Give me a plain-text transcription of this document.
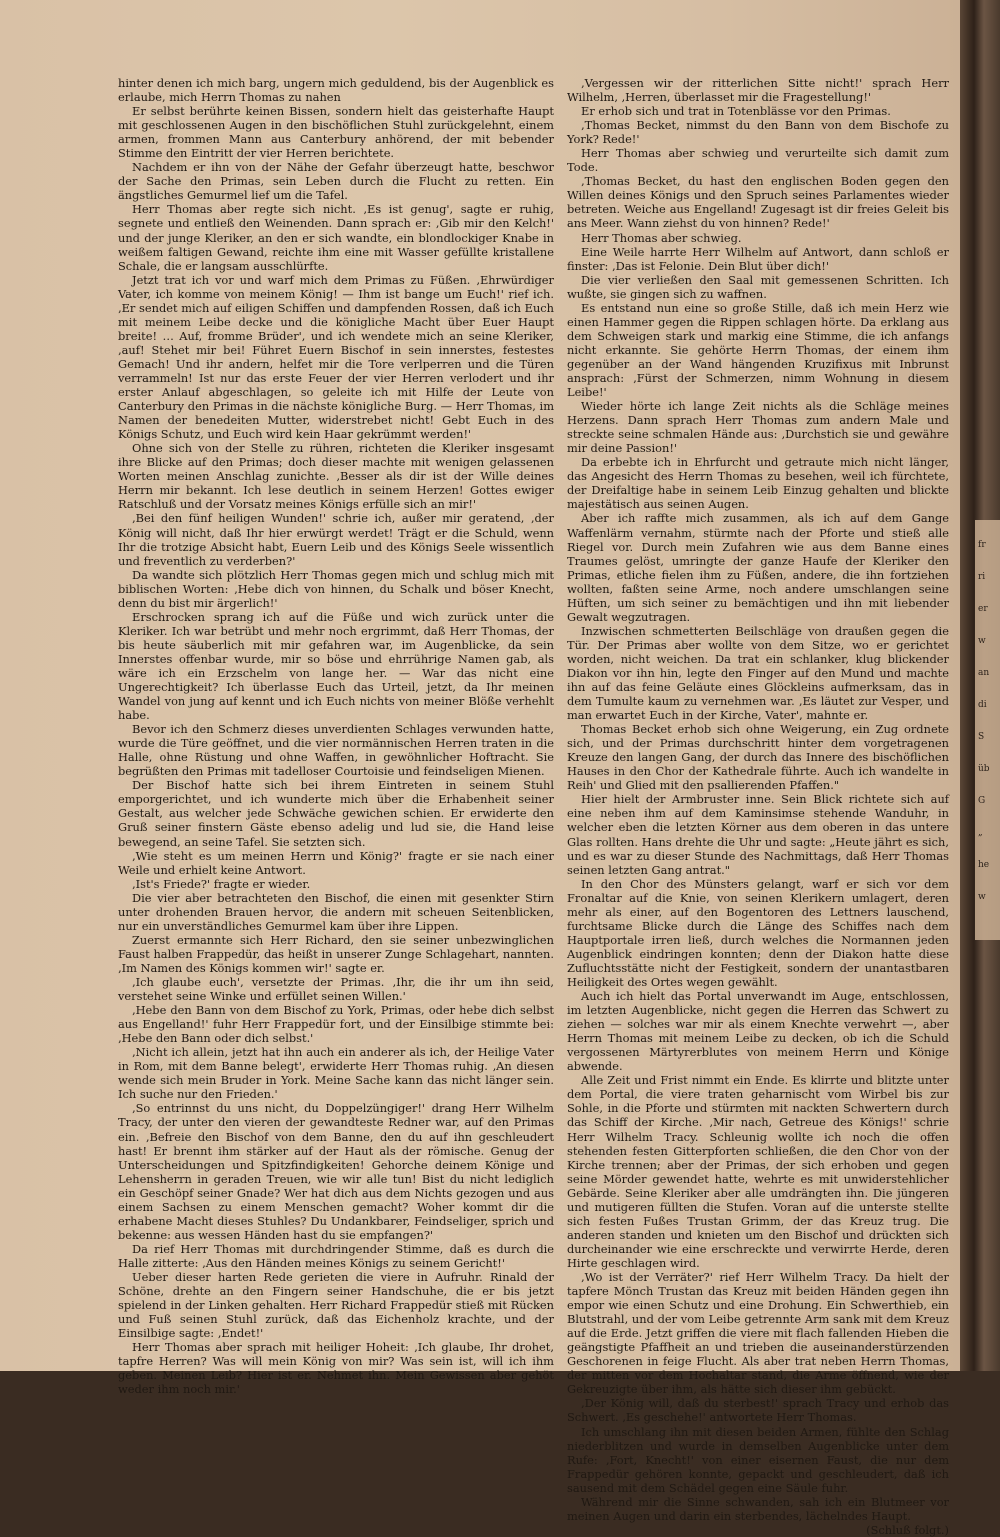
hinter denen ich mich barg, ungern mich geduldend, bis der Augenblick es erlaube, mich Herrn Thomas zu nahen

Er selbst berührte keinen Bissen, sondern hielt das geisterhafte Haupt mit geschlossenen Augen in den bischöflichen Stuhl zurückgelehnt, einem armen, frommen Mann aus Canterbury anhörend, der mit bebender Stimme den Eintritt der vier Herren berichtete.

Nachdem er ihn von der Nähe der Gefahr überzeugt hatte, beschwor der Sache den Primas, sein Leben durch die Flucht zu retten. Ein ängstliches Gemurmel lief um die Tafel.

Herr Thomas aber regte sich nicht. ‚Es ist genug', sagte er ruhig, segnete und entließ den Weinenden. Dann sprach er: ‚Gib mir den Kelch!' und der junge Kleriker, an den er sich wandte, ein blondlockiger Knabe in weißem faltigen Gewand, reichte ihm eine mit Wasser gefüllte kristallene Schale, die er langsam ausschlürfte.

Jetzt trat ich vor und warf mich dem Primas zu Füßen. ‚Ehrwürdiger Vater, ich komme von meinem König! — Ihm ist bange um Euch!' rief ich. ‚Er sendet mich auf eiligen Schiffen und dampfenden Rossen, daß ich Euch mit meinem Leibe decke und die königliche Macht über Euer Haupt breite! … Auf, fromme Brüder', und ich wendete mich an seine Kleriker, ‚auf! Stehet mir bei! Führet Euern Bischof in sein innerstes, festestes Gemach! Und ihr andern, helfet mir die Tore verlperren und die Türen verrammeln! Ist nur das erste Feuer der vier Herren verlodert und ihr erster Anlauf abgeschlagen, so geleite ich mit Hilfe der Leute von Canterbury den Primas in die nächste königliche Burg. — Herr Thomas, im Namen der benedeiten Mutter, widerstrebet nicht! Gebt Euch in des Königs Schutz, und Euch wird kein Haar gekrümmt werden!'

Ohne sich von der Stelle zu rühren, richteten die Kleriker insgesamt ihre Blicke auf den Primas; doch dieser machte mit wenigen gelassenen Worten meinen Anschlag zunichte. ‚Besser als dir ist der Wille deines Herrn mir bekannt. Ich lese deutlich in seinem Herzen! Gottes ewiger Ratschluß und der Vorsatz meines Königs erfülle sich an mir!'

‚Bei den fünf heiligen Wunden!' schrie ich, außer mir geratend, ‚der König will nicht, daß Ihr hier erwürgt werdet! Trägt er die Schuld, wenn Ihr die trotzige Absicht habt, Euern Leib und des Königs Seele wissentlich und freventlich zu verderben?'

Da wandte sich plötzlich Herr Thomas gegen mich und schlug mich mit biblischen Worten: ‚Hebe dich von hinnen, du Schalk und böser Knecht, denn du bist mir ärgerlich!'

Erschrocken sprang ich auf die Füße und wich zurück unter die Kleriker. Ich war betrübt und mehr noch ergrimmt, daß Herr Thomas, der bis heute säuberlich mit mir gefahren war, im Augenblicke, da sein Innerstes offenbar wurde, mir so böse und ehrrührige Namen gab, als wäre ich ein Erzschelm von lange her. — War das nicht eine Ungerechtigkeit? Ich überlasse Euch das Urteil, jetzt, da Ihr meinen Wandel von jung auf kennt und ich Euch nichts von meiner Blöße verhehlt habe.

Bevor ich den Schmerz dieses unverdienten Schlages verwunden hatte, wurde die Türe geöffnet, und die vier normännischen Herren traten in die Halle, ohne Rüstung und ohne Waffen, in gewöhnlicher Hoftracht. Sie begrüßten den Primas mit tadelloser Courtoisie und feindseligen Mienen.

Der Bischof hatte sich bei ihrem Eintreten in seinem Stuhl emporgerichtet, und ich wunderte mich über die Erhabenheit seiner Gestalt, aus welcher jede Schwäche gewichen schien. Er erwiderte den Gruß seiner finstern Gäste ebenso adelig und lud sie, die Hand leise bewegend, an seine Tafel. Sie setzten sich.

‚Wie steht es um meinen Herrn und König?' fragte er sie nach einer Weile und erhielt keine Antwort.

‚Ist's Friede?' fragte er wieder.

Die vier aber betrachteten den Bischof, die einen mit gesenkter Stirn unter drohenden Brauen hervor, die andern mit scheuen Seitenblicken, nur ein unverständliches Gemurmel kam über ihre Lippen.

Zuerst ermannte sich Herr Richard, den sie seiner unbezwinglichen Faust halben Frappedür, das heißt in unserer Zunge Schlagehart, nannten. ‚Im Namen des Königs kommen wir!' sagte er.

‚Ich glaube euch', versetzte der Primas. ‚Ihr, die ihr um ihn seid, verstehet seine Winke und erfüllet seinen Willen.'

‚Hebe den Bann von dem Bischof zu York, Primas, oder hebe dich selbst aus Engelland!' fuhr Herr Frappedür fort, und der Einsilbige stimmte bei: ‚Hebe den Bann oder dich selbst.'

‚Nicht ich allein, jetzt hat ihn auch ein anderer als ich, der Heilige Vater in Rom, mit dem Banne belegt', erwiderte Herr Thomas ruhig. ‚An diesen wende sich mein Bruder in York. Meine Sache kann das nicht länger sein. Ich suche nur den Frieden.'

‚So entrinnst du uns nicht, du Doppelzüngiger!' drang Herr Wilhelm Tracy, der unter den vieren der gewandteste Redner war, auf den Primas ein. ‚Befreie den Bischof von dem Banne, den du auf ihn geschleudert hast! Er brennt ihm stärker auf der Haut als der römische. Genug der Unterscheidungen und Spitzfindigkeiten! Gehorche deinem Könige und Lehensherrn in geraden Treuen, wie wir alle tun! Bist du nicht lediglich ein Geschöpf seiner Gnade? Wer hat dich aus dem Nichts gezogen und aus einem Sachsen zu einem Menschen gemacht? Woher kommt dir die erhabene Macht dieses Stuhles? Du Undankbarer, Feindseliger, sprich und bekenne: aus wessen Händen hast du sie empfangen?'

Da rief Herr Thomas mit durchdringender Stimme, daß es durch die Halle zitterte: ‚Aus den Händen meines Königs zu seinem Gericht!'

Ueber dieser harten Rede gerieten die viere in Aufruhr. Rinald der Schöne, drehte an den Fingern seiner Handschuhe, die er bis jetzt spielend in der Linken gehalten. Herr Richard Frappedür stieß mit Rücken und Fuß seinen Stuhl zurück, daß das Eichenholz krachte, und der Einsilbige sagte: ‚Endet!'

Herr Thomas aber sprach mit heiliger Hoheit: ‚Ich glaube, Ihr drohet, tapfre Herren? Was will mein König von mir? Was sein ist, will ich ihm geben. Meinen Leib? Hier ist er. Nehmet ihn. Mein Gewissen aber gehöt weder ihm noch mir.'

‚Vergessen wir der ritterlichen Sitte nicht!' sprach Herr Wilhelm, ‚Herren, überlasset mir die Fragestellung!'

Er erhob sich und trat in Totenblässe vor den Primas.

‚Thomas Becket, nimmst du den Bann von dem Bischofe zu York? Rede!'

Herr Thomas aber schwieg und verurteilte sich damit zum Tode.

‚Thomas Becket, du hast den englischen Boden gegen den Willen deines Königs und den Spruch seines Parlamentes wieder betreten. Weiche aus Engelland! Zugesagt ist dir freies Geleit bis ans Meer. Wann ziehst du von hinnen? Rede!'

Herr Thomas aber schwieg.

Eine Weile harrte Herr Wilhelm auf Antwort, dann schloß er finster: ‚Das ist Felonie. Dein Blut über dich!'

Die vier verließen den Saal mit gemessenen Schritten. Ich wußte, sie gingen sich zu waffnen.

Es entstand nun eine so große Stille, daß ich mein Herz wie einen Hammer gegen die Rippen schlagen hörte. Da erklang aus dem Schweigen stark und markig eine Stimme, die ich anfangs nicht erkannte. Sie gehörte Herrn Thomas, der einem ihm gegenüber an der Wand hängenden Kruzifixus mit Inbrunst ansprach: ‚Fürst der Schmerzen, nimm Wohnung in diesem Leibe!'

Wieder hörte ich lange Zeit nichts als die Schläge meines Herzens. Dann sprach Herr Thomas zum andern Male und streckte seine schmalen Hände aus: ‚Durchstich sie und gewähre mir deine Passion!'

Da erbebte ich in Ehrfurcht und getraute mich nicht länger, das Angesicht des Herrn Thomas zu besehen, weil ich fürchtete, der Dreifaltige habe in seinem Leib Einzug gehalten und blickte majestätisch aus seinen Augen.

Aber ich raffte mich zusammen, als ich auf dem Gange Waffenlärm vernahm, stürmte nach der Pforte und stieß alle Riegel vor. Durch mein Zufahren wie aus dem Banne eines Traumes gelöst, umringte der ganze Haufe der Kleriker den Primas, etliche fielen ihm zu Füßen, andere, die ihn fortziehen wollten, faßten seine Arme, noch andere umschlangen seine Hüften, um sich seiner zu bemächtigen und ihn mit liebender Gewalt wegzutragen.

Inzwischen schmetterten Beilschläge von draußen gegen die Tür. Der Primas aber wollte von dem Sitze, wo er gerichtet worden, nicht weichen. Da trat ein schlanker, klug blickender Diakon vor ihn hin, legte den Finger auf den Mund und machte ihn auf das feine Geläute eines Glöckleins aufmerksam, das in dem Tumulte kaum zu vernehmen war. ‚Es läutet zur Vesper, und man erwartet Euch in der Kirche, Vater', mahnte er.

Thomas Becket erhob sich ohne Weigerung, ein Zug ordnete sich, und der Primas durchschritt hinter dem vorgetragenen Kreuze den langen Gang, der durch das Innere des bischöflichen Hauses in den Chor der Kathedrale führte. Auch ich wandelte in Reih' und Glied mit den psallierenden Pfaffen."

Hier hielt der Armbruster inne. Sein Blick richtete sich auf eine neben ihm auf dem Kaminsimse stehende Wanduhr, in welcher eben die letzten Körner aus dem oberen in das untere Glas rollten. Hans drehte die Uhr und sagte: „Heute jährt es sich, und es war zu dieser Stunde des Nachmittags, daß Herr Thomas seinen letzten Gang antrat."

In den Chor des Münsters gelangt, warf er sich vor dem Fronaltar auf die Knie, von seinen Klerikern umlagert, deren mehr als einer, auf den Bogentoren des Lettners lauschend, furchtsame Blicke durch die Länge des Schiffes nach dem Hauptportale irren ließ, durch welches die Normannen jeden Augenblick eindringen konnten; denn der Diakon hatte diese Zufluchtsstätte nicht der Festigkeit, sondern der unantastbaren Heiligkeit des Ortes wegen gewählt.

Auch ich hielt das Portal unverwandt im Auge, entschlossen, im letzten Augenblicke, nicht gegen die Herren das Schwert zu ziehen — solches war mir als einem Knechte verwehrt —, aber Herrn Thomas mit meinem Leibe zu decken, ob ich die Schuld vergossenen Märtyrerblutes von meinem Herrn und Könige abwende.

Alle Zeit und Frist nimmt ein Ende. Es klirrte und blitzte unter dem Portal, die viere traten geharnischt vom Wirbel bis zur Sohle, in die Pforte und stürmten mit nackten Schwertern durch das Schiff der Kirche. ‚Mir nach, Getreue des Königs!' schrie Herr Wilhelm Tracy. Schleunig wollte ich noch die offen stehenden festen Gitterpforten schließen, die den Chor von der Kirche trennen; aber der Primas, der sich erhoben und gegen seine Mörder gewendet hatte, wehrte es mit unwiderstehlicher Gebärde. Seine Kleriker aber alle umdrängten ihn. Die jüngeren und mutigeren füllten die Stufen. Voran auf die unterste stellte sich festen Fußes Trustan Grimm, der das Kreuz trug. Die anderen standen und knieten um den Bischof und drückten sich durcheinander wie eine erschreckte und verwirrte Herde, deren Hirte geschlagen wird.

‚Wo ist der Verräter?' rief Herr Wilhelm Tracy. Da hielt der tapfere Mönch Trustan das Kreuz mit beiden Händen gegen ihn empor wie einen Schutz und eine Drohung. Ein Schwerthieb, ein Blutstrahl, und der vom Leibe getrennte Arm sank mit dem Kreuz auf die Erde. Jetzt griffen die viere mit flach fallenden Hieben die geängstigte Pfaffheit an und trieben die auseinanderstürzenden Geschorenen in feige Flucht. Als aber trat neben Herrn Thomas, der mitten vor dem Hochaltar stand, die Arme öffnend, wie der Gekreuzigte über ihm, als hätte sich dieser ihm gebückt.

‚Der König will, daß du sterbest!' sprach Tracy und erhob das Schwert. ‚Es geschehe!' antwortete Herr Thomas.

Ich umschlang ihn mit diesen beiden Armen, fühlte den Schlag niederblitzen und wurde in demselben Augenblicke unter dem Rufe: ‚Fort, Knecht!' von einer eisernen Faust, die nur dem Frappedür gehören konnte, gepackt und geschleudert, daß ich sausend mit dem Schädel gegen eine Säule fuhr.

Während mir die Sinne schwanden, sah ich ein Blutmeer vor meinen Augen und darin ein sterbendes, lächelndes Haupt.

(Schluß folgt.)

fr
ri
er
w
an
di
S
üb
G
„
he
w
